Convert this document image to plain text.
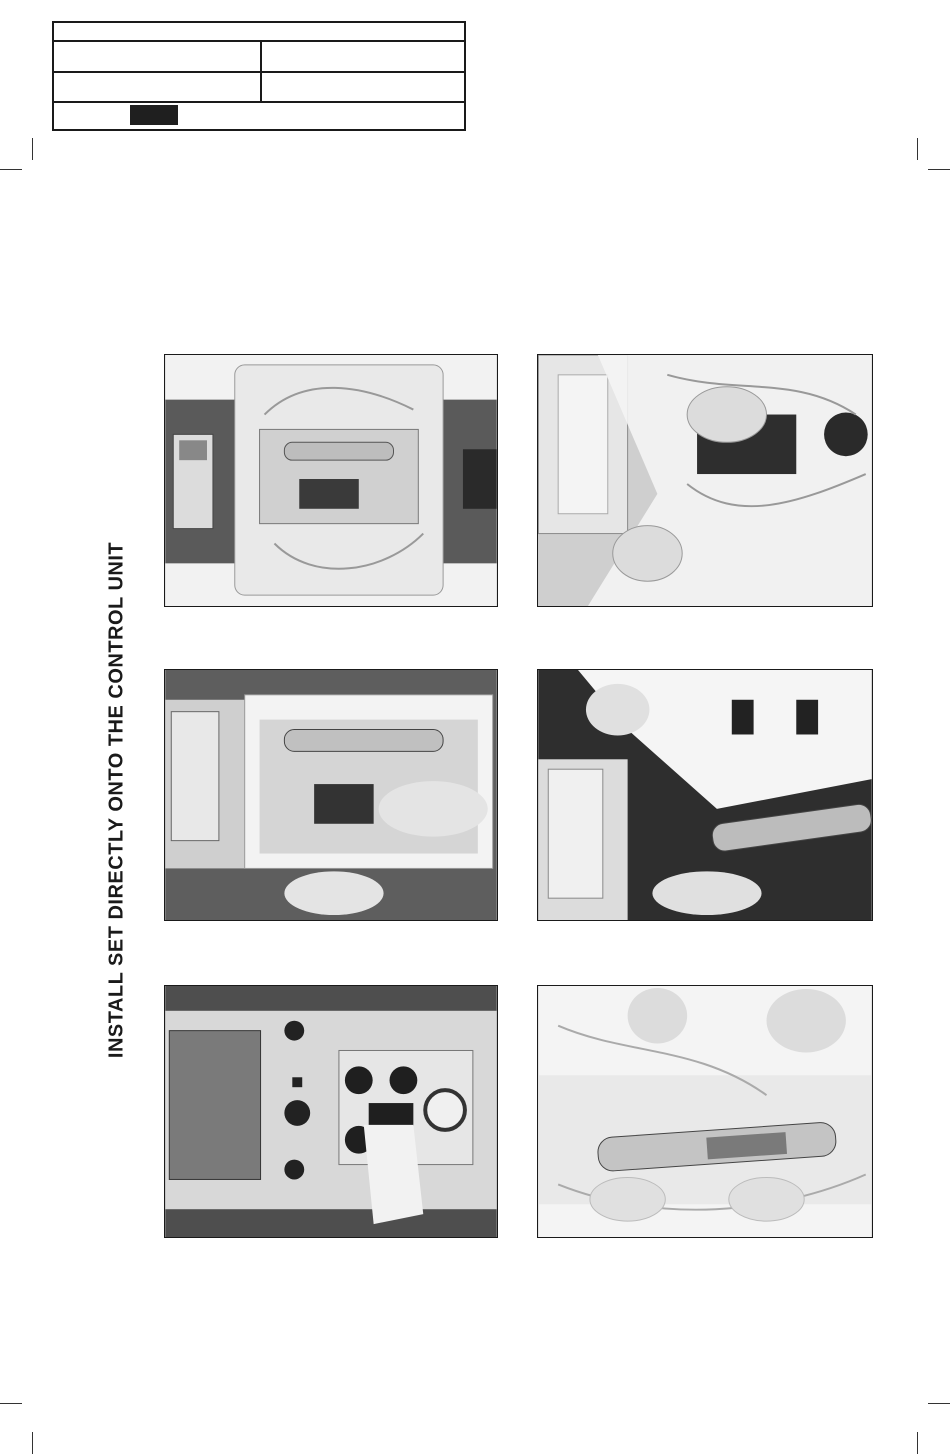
INSTALL SET DIRECTLY ONTO THE CONTROL UNIT
